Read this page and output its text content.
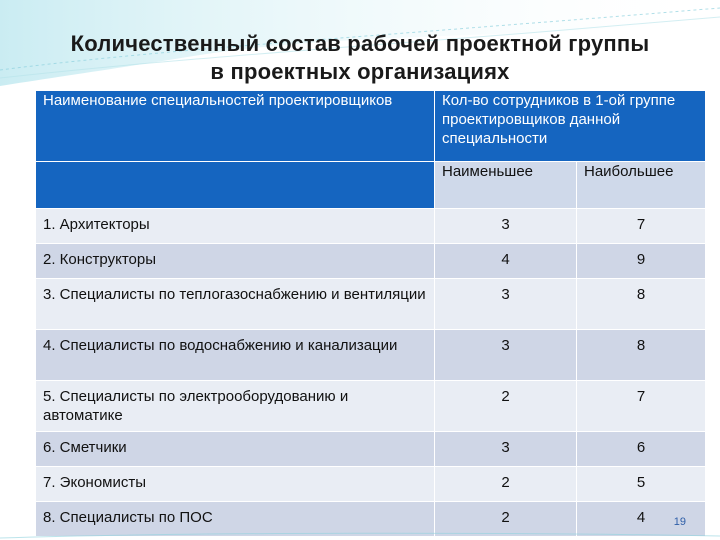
Количественный состав рабочей проектной группы
в проектных организациях
Наименование специальностей проектировщиков	Кол-во сотрудников в 1-ой группе проектировщиков данной специальности	
	Наименьшее	Наибольшее
1. Архитекторы	3	7
2. Конструкторы	4	9
3. Специалисты по теплогазоснабжению и вентиляции	3	8
4. Специалисты по водоснабжению и канализации	3	8
5. Специалисты по электрооборудованию и автоматике	2	7
6. Сметчики	3	6
7. Экономисты	2	5
8. Специалисты по ПОС	2	4	19
